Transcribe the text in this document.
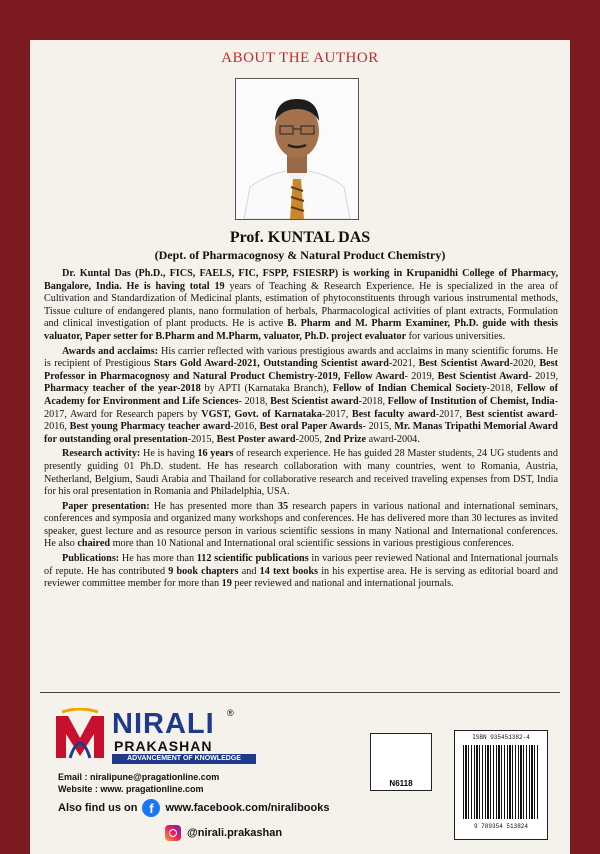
ABOUT THE AUTHOR
Prof. KUNTAL DAS
(Dept. of Pharmacognosy & Natural Product Chemistry)

Dr. Kuntal Das (Ph.D., FICS, FAELS, FIC, FSPP, FSIESRP) is working in Krupanidhi College of Pharmacy, Bangalore, India. He is having total 19 years of Teaching & Research Experience. He is specialized in the area of Cultivation and Standardization of Medicinal plants, estimation of phytoconstituents through various instrumental methods, Tissue culture of endangered plants, nano formulation of herbals, Pharmacological activities of plant extracts, Formulation and clinical investigation of plant products. He is active B. Pharm and M. Pharm Examiner, Ph.D. guide with thesis valuator, Paper setter for B.Pharm and M.Pharm, valuator, Ph.D. project evaluator for various universities.

Awards and acclaims: His carrier reflected with various prestigious awards and acclaims in many scientific forums. He is recipient of Prestigious Stars Gold Award-2021, Outstanding Scientist award-2021, Best Scientist Award-2020, Best Professor in Pharmacognosy and Natural Product Chemistry-2019, Fellow Award- 2019, Best Scientist Award- 2019, Pharmacy teacher of the year-2018 by APTI (Karnataka Branch), Fellow of Indian Chemical Society-2018, Fellow of Academy for Environment and Life Sciences- 2018, Best Scientist award-2018, Fellow of Institution of Chemist, India-2017, Award for Research papers by VGST, Govt. of Karnataka-2017, Best faculty award-2017, Best scientist award-2016, Best young Pharmacy teacher award-2016, Best oral Paper Awards- 2015, Mr. Manas Tripathi Memorial Award for outstanding oral presentation-2015, Best Poster award-2005, 2nd Prize award-2004.

Research activity: He is having 16 years of research experience. He has guided 28 Master students, 24 UG students and presently guiding 01 Ph.D. student. He has research collaboration with many countries, went to Romania, Austria, Netherland, Belgium, Saudi Arabia and Thailand for collaborative research and received traveling expenses from DST, India for his oral presentation in Romania and Philadelphia, USA.

Paper presentation: He has presented more than 35 research papers in various national and international seminars, conferences and symposia and organized many workshops and conferences. He has delivered more than 30 lectures as invited speaker, guest lecture and as resource person in various scientific sessions in many National and International conferences. He also chaired more than 10 National and International oral scientific sessions in various prestigious conferences.

Publications: He has more than 112 scientific publications in various peer reviewed National and International journals of repute. He has contributed 9 book chapters and 14 text books in his expertise area. He is serving as editorial board and reviewer committee member for more than 19 peer reviewed and national and international journals.

NIRALI ®
PRAKASHAN
ADVANCEMENT OF KNOWLEDGE
Email : niralipune@pragationline.com
Website : www. pragationline.com
Also find us on f	www.facebook.com/niralibooks
@nirali.prakashan
N6118
ISBN 935451382-4
9 789354 513824
